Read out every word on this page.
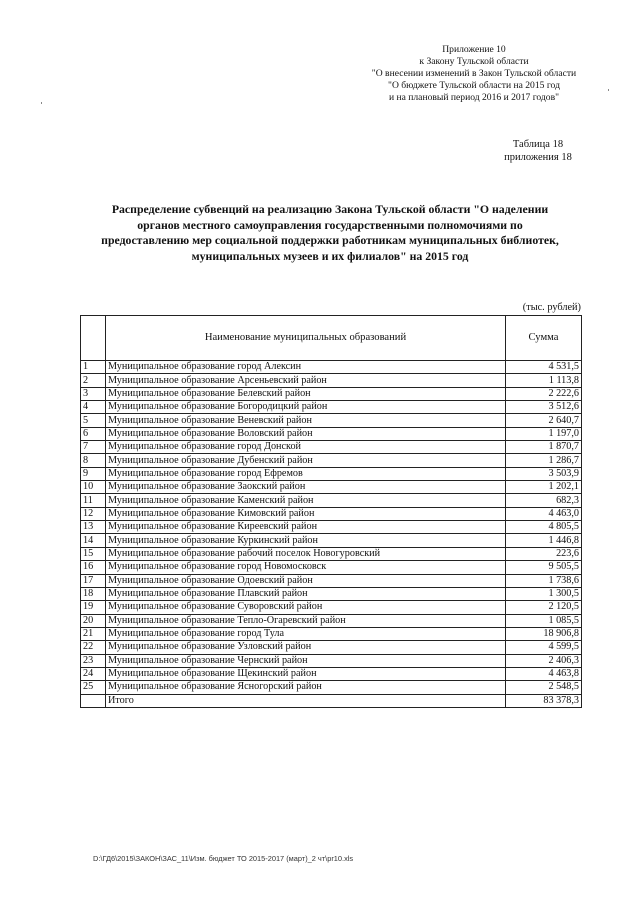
Приложение 10
к Закону Тульской области
"О внесении изменений в Закон Тульской области
"О бюджете Тульской области на 2015 год
и на плановый период 2016 и 2017 годов"
Таблица 18
приложения 18
Распределение субвенций на реализацию Закона Тульской области "О наделении
органов местного самоуправления государственными полномочиями по
предоставлению мер социальной поддержки работникам муниципальных библиотек,
муниципальных музеев и их филиалов" на 2015 год
(тыс. рублей)
	Наименование муниципальных образований	Сумма
1	Муниципальное образование город Алексин	4 531,5
2	Муниципальное образование Арсеньевский район	1 113,8
3	Муниципальное образование Белевский район	2 222,6
4	Муниципальное образование Богородицкий район	3 512,6
5	Муниципальное образование Веневский район	2 640,7
6	Муниципальное образование Воловский район	1 197,0
7	Муниципальное образование город Донской	1 870,7
8	Муниципальное образование Дубенский район	1 286,7
9	Муниципальное образование город Ефремов	3 503,9
10	Муниципальное образование Заокский район	1 202,1
11	Муниципальное образование Каменский район	682,3
12	Муниципальное образование Кимовский район	4 463,0
13	Муниципальное образование Киреевский район	4 805,5
14	Муниципальное образование Куркинский район	1 446,8
15	Муниципальное образование рабочий поселок Новогуровский	223,6
16	Муниципальное образование город Новомосковск	9 505,5
17	Муниципальное образование Одоевский район	1 738,6
18	Муниципальное образование Плавский район	1 300,5
19	Муниципальное образование Суворовский район	2 120,5
20	Муниципальное образование Тепло-Огаревский район	1 085,5
21	Муниципальное образование город Тула	18 906,8
22	Муниципальное образование Узловский район	4 599,5
23	Муниципальное образование Чернский район	2 406,3
24	Муниципальное образование Щекинский район	4 463,8
25	Муниципальное образование Ясногорский район	2 548,5
	Итого	83 378,3
D:\ГД6\2015\ЗАКОН\ЗАС_11\Изм. бюджет ТО 2015-2017 (март)_2 чт\pr10.xls
